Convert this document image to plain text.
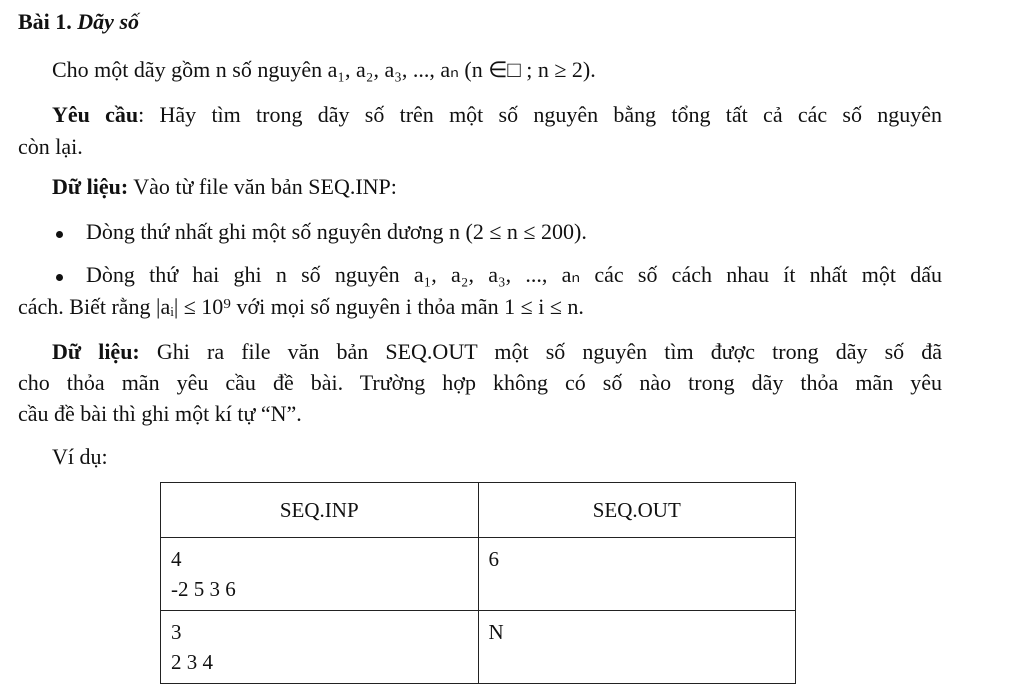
Bài 1. Dãy số
Cho một dãy gồm n số nguyên a₁, a₂, a₃, ..., aₙ (n ∈□ ; n ≥ 2).
Yêu cầu: Hãy tìm trong dãy số trên một số nguyên bằng tổng tất cả các số nguyên
còn lại.
Dữ liệu: Vào từ file văn bản SEQ.INP:
Dòng thứ nhất ghi một số nguyên dương n (2 ≤ n ≤ 200).
Dòng thứ hai ghi n số nguyên a₁, a₂, a₃, ..., aₙ các số cách nhau ít nhất một dấu
cách. Biết rằng |aᵢ| ≤ 10⁹ với mọi số nguyên i thỏa mãn 1 ≤ i ≤ n.
Dữ liệu: Ghi ra file văn bản SEQ.OUT một số nguyên tìm được trong dãy số đã
cho thỏa mãn yêu cầu đề bài. Trường hợp không có số nào trong dãy thỏa mãn yêu
cầu đề bài thì ghi một kí tự “N”.
Ví dụ:
SEQ.INP	SEQ.OUT

4
-2 5 3 6	6

3
2 3 4	N
